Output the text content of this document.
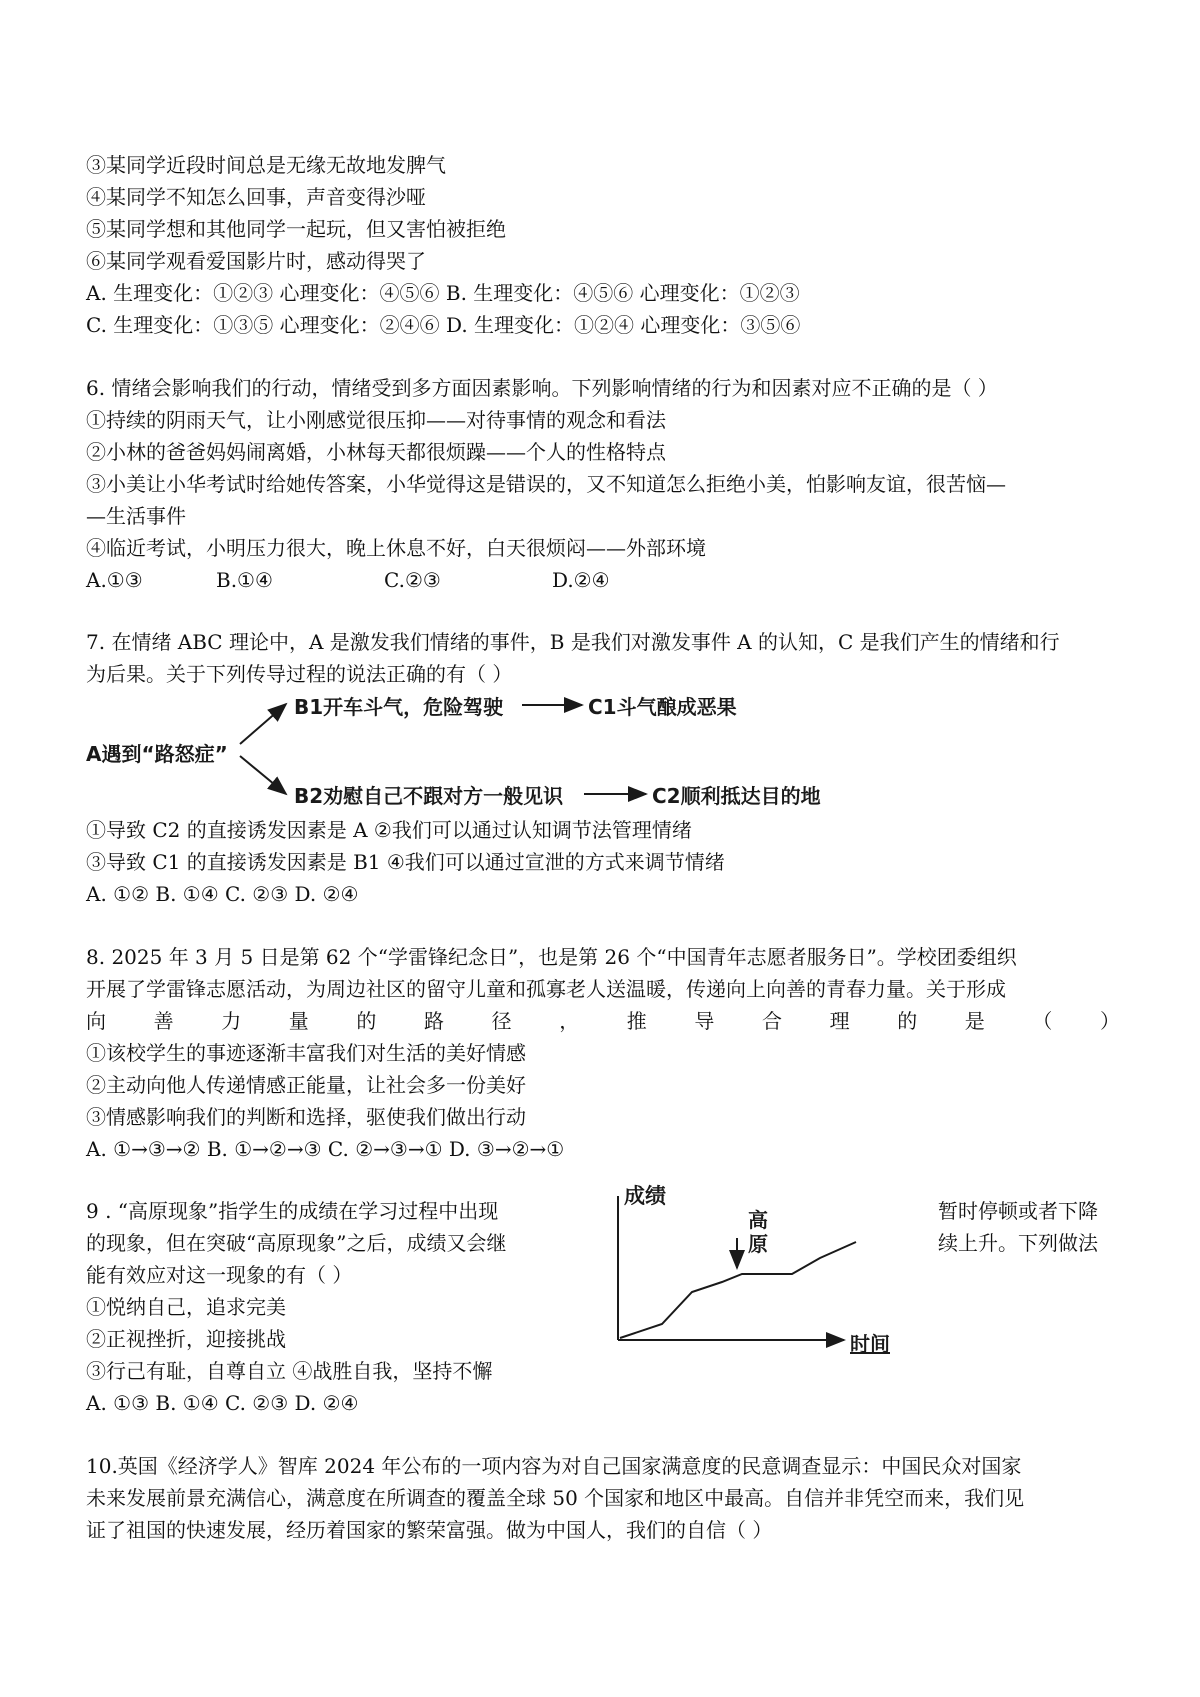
③某同学近段时间总是无缘无故地发脾气
④某同学不知怎么回事，声音变得沙哑
⑤某同学想和其他同学一起玩，但又害怕被拒绝
⑥某同学观看爱国影片时，感动得哭了
A. 生理变化：①②③ 心理变化：④⑤⑥ B. 生理变化：④⑤⑥ 心理变化：①②③
C. 生理变化：①③⑤ 心理变化：②④⑥ D. 生理变化：①②④ 心理变化：③⑤⑥
6. 情绪会影响我们的行动，情绪受到多方面因素影响。下列影响情绪的行为和因素对应不正确的是（ ）
①持续的阴雨天气，让小刚感觉很压抑——对待事情的观念和看法
②小林的爸爸妈妈闹离婚，小林每天都很烦躁——个人的性格特点
③小美让小华考试时给她传答案，小华觉得这是错误的，又不知道怎么拒绝小美，怕影响友谊，很苦恼—
—生活事件
④临近考试，小明压力很大，晚上休息不好，白天很烦闷——外部环境
A.①③	B.①④	C.②③	D.②④
7. 在情绪 ABC 理论中，A 是激发我们情绪的事件，B 是我们对激发事件 A 的认知，C 是我们产生的情绪和行
为后果。关于下列传导过程的说法正确的有（ ）
A遇到“路怒症”
B1开车斗气，危险驾驶	C1斗气酿成恶果
B2劝慰自己不跟对方一般见识	C2顺利抵达目的地
①导致 C2 的直接诱发因素是 A ②我们可以通过认知调节法管理情绪
③导致 C1 的直接诱发因素是 B1 ④我们可以通过宣泄的方式来调节情绪
A. ①② B. ①④ C. ②③ D. ②④
8. 2025 年 3 月 5 日是第 62 个“学雷锋纪念日”，也是第 26 个“中国青年志愿者服务日”。学校团委组织
开展了学雷锋志愿活动，为周边社区的留守儿童和孤寡老人送温暖，传递向上向善的青春力量。关于形成
向 善 力 量 的 路 径 ， 推 导 合 理 的 是 （ ）
①该校学生的事迹逐渐丰富我们对生活的美好情感
②主动向他人传递情感正能量，让社会多一份美好
③情感影响我们的判断和选择，驱使我们做出行动
A. ①→③→② B. ①→②→③ C. ②→③→① D. ③→②→①
9 . “高原现象”指学生的成绩在学习过程中出现	暂时停顿或者下降
的现象，但在突破“高原现象”之后，成绩又会继	续上升。下列做法
能有效应对这一现象的有（ ）
①悦纳自己，追求完美
②正视挫折，迎接挑战
③行己有耻，自尊自立 ④战胜自我，坚持不懈
A. ①③ B. ①④ C. ②③ D. ②④
成绩
时间
高
原
10.英国《经济学人》智库 2024 年公布的一项内容为对自己国家满意度的民意调查显示：中国民众对国家
未来发展前景充满信心，满意度在所调查的覆盖全球 50 个国家和地区中最高。自信并非凭空而来，我们见
证了祖国的快速发展，经历着国家的繁荣富强。做为中国人，我们的自信（ ）
